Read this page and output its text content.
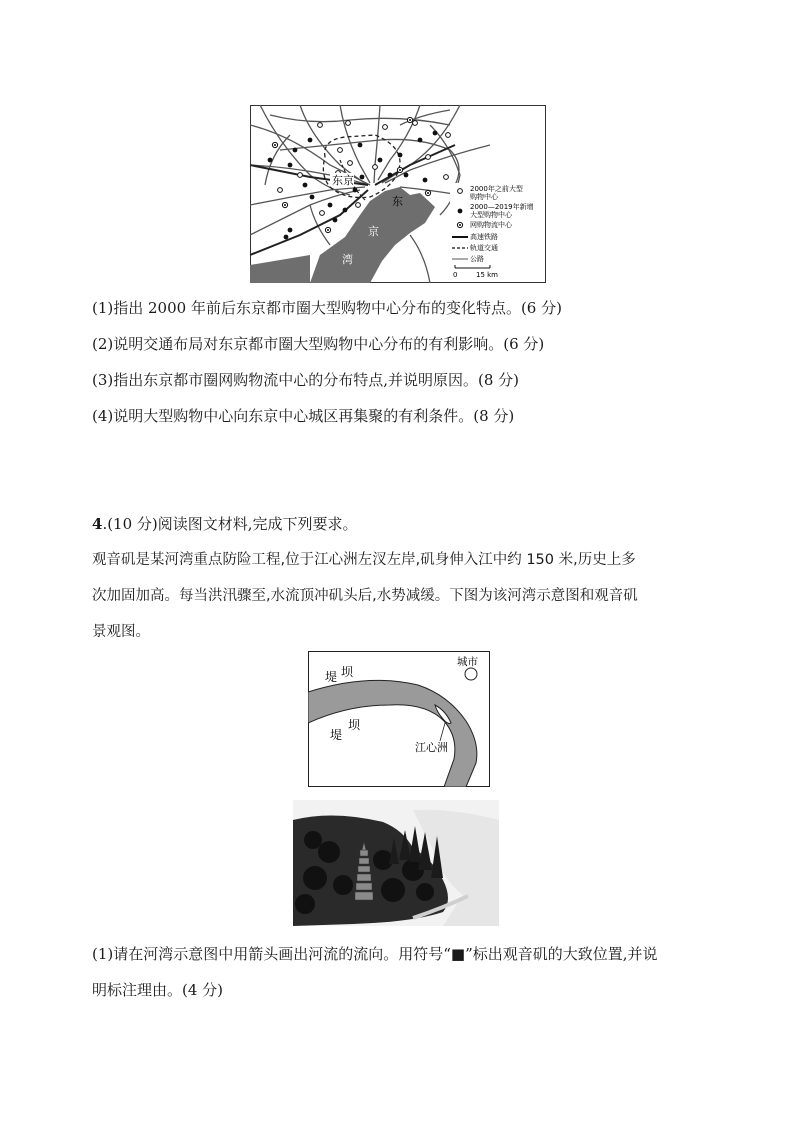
东京
东
京
湾
2000年之前大型
购物中心
2000—2019年新增
大型购物中心
网购物流中心
高速铁路
轨道交通
公路
0	15 km
(1)指出 2000 年前后东京都市圈大型购物中心分布的变化特点。(6 分)
(2)说明交通布局对东京都市圈大型购物中心分布的有利影响。(6 分)
(3)指出东京都市圈网购物流中心的分布特点,并说明原因。(8 分)
(4)说明大型购物中心向东京中心城区再集聚的有利条件。(8 分)
4.(10 分)阅读图文材料,完成下列要求。
观音矶是某河湾重点防险工程,位于江心洲左汊左岸,矶身伸入江中约 150 米,历史上多
次加固加高。每当洪汛骤至,水流顶冲矶头后,水势减缓。下图为该河湾示意图和观音矶
景观图。
城市
堤 坝
坝
堤
江心洲
(1)请在河湾示意图中用箭头画出河流的流向。用符号“■”标出观音矶的大致位置,并说
明标注理由。(4 分)
